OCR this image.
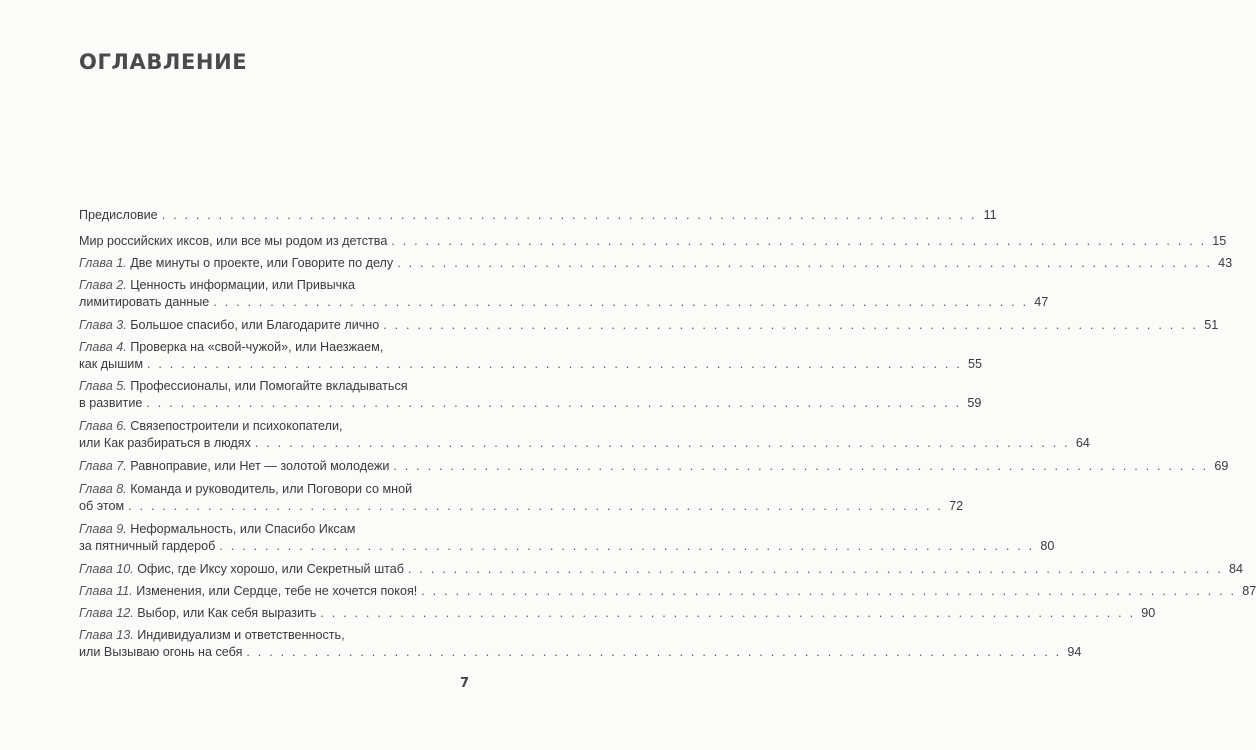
ОГЛАВЛЕНИЕ
Предисловие . . . . . . . . . . . . . . . . . . . . . . . . . . . . . . . . . . . . . . . . . . . . . . . . . . . . . . . . . . . . . . . . . . . . . . . . 11
Мир российских иксов, или все мы родом из детства . . . . . . . . . . . . . . . . . . . . . . . . . . . . . . . . . . . . . . . . . . . . . . . . . . . . . . . . . . . . . . . . . . . . . . . . 15
Глава 1.
Две минуты о проекте, или Говорите по делу . . . . . . . . . . . . . . . . . . . . . . . . . . . . . . . . . . . . . . . . . . . . . . . . . . . . . . . . . . . . . . . . . . . . . . . . 43
Глава 2.
Ценность информации, или Привычка
лимитировать данные . . . . . . . . . . . . . . . . . . . . . . . . . . . . . . . . . . . . . . . . . . . . . . . . . . . . . . . . . . . . . . . . . . . . . . . . 47
Глава 3.
Большое спасибо, или Благодарите лично . . . . . . . . . . . . . . . . . . . . . . . . . . . . . . . . . . . . . . . . . . . . . . . . . . . . . . . . . . . . . . . . . . . . . . . . 51
Глава 4.
Проверка на «свой-чужой», или Наезжаем,
как дышим . . . . . . . . . . . . . . . . . . . . . . . . . . . . . . . . . . . . . . . . . . . . . . . . . . . . . . . . . . . . . . . . . . . . . . . . 55
Глава 5.
Профессионалы, или Помогайте вкладываться
в развитие . . . . . . . . . . . . . . . . . . . . . . . . . . . . . . . . . . . . . . . . . . . . . . . . . . . . . . . . . . . . . . . . . . . . . . . . 59
Глава 6.
Связепостроители и психокопатели,
или Как разбираться в людях . . . . . . . . . . . . . . . . . . . . . . . . . . . . . . . . . . . . . . . . . . . . . . . . . . . . . . . . . . . . . . . . . . . . . . . . 64
Глава 7.
Равноправие, или Нет — золотой молодежи . . . . . . . . . . . . . . . . . . . . . . . . . . . . . . . . . . . . . . . . . . . . . . . . . . . . . . . . . . . . . . . . . . . . . . . . 69
Глава 8.
Команда и руководитель, или Поговори со мной
об этом . . . . . . . . . . . . . . . . . . . . . . . . . . . . . . . . . . . . . . . . . . . . . . . . . . . . . . . . . . . . . . . . . . . . . . . . 72
Глава 9.
Неформальность, или Спасибо Иксам
за пятничный гардероб . . . . . . . . . . . . . . . . . . . . . . . . . . . . . . . . . . . . . . . . . . . . . . . . . . . . . . . . . . . . . . . . . . . . . . . . 80
Глава 10.
Офис, где Иксу хорошо, или Секретный штаб . . . . . . . . . . . . . . . . . . . . . . . . . . . . . . . . . . . . . . . . . . . . . . . . . . . . . . . . . . . . . . . . . . . . . . . . 84
Глава 11.
Изменения, или Сердце, тебе не хочется покоя! . . . . . . . . . . . . . . . . . . . . . . . . . . . . . . . . . . . . . . . . . . . . . . . . . . . . . . . . . . . . . . . . . . . . . . . . 87
Глава 12.
Выбор, или Как себя выразить . . . . . . . . . . . . . . . . . . . . . . . . . . . . . . . . . . . . . . . . . . . . . . . . . . . . . . . . . . . . . . . . . . . . . . . . 90
Глава 13.
Индивидуализм и ответственность,
или Вызываю огонь на себя . . . . . . . . . . . . . . . . . . . . . . . . . . . . . . . . . . . . . . . . . . . . . . . . . . . . . . . . . . . . . . . . . . . . . . . . 94
7
